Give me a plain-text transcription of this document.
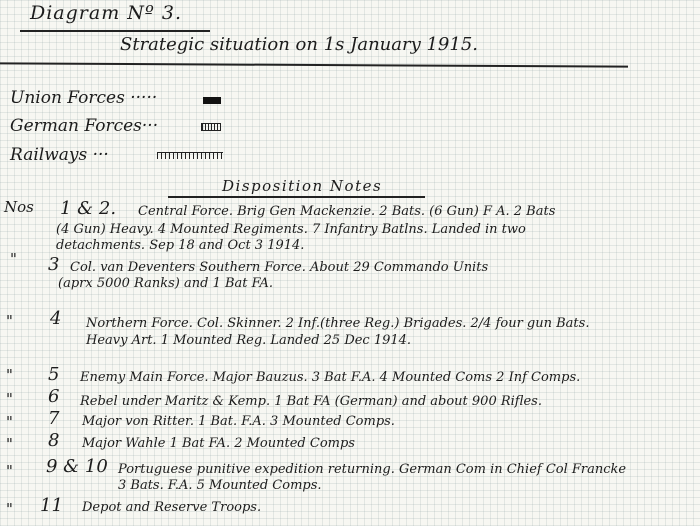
Diagram Nº 3.
Strategic situation on 1s January 1915.
Union Forces ·····
German Forces···
Railways ···
Disposition Notes
Nos 1 & 2. Central Force. Brig Gen Mackenzie. 2 Bats. (6 Gun) F A. 2 Bats
(4 Gun) Heavy. 4 Mounted Regiments. 7 Infantry Batlns. Landed in two
detachments. Sep 18 and Oct 3 1914.
" 3 Col. van Deventers Southern Force. About 29 Commando Units
(aprx 5000 Ranks) and 1 Bat FA.
" 4 Northern Force. Col. Skinner. 2 Inf.(three Reg.) Brigades. 2/4 four gun Bats.
Heavy Art. 1 Mounted Reg. Landed 25 Dec 1914.
" 5 Enemy Main Force. Major Bauzus. 3 Bat F.A. 4 Mounted Coms 2 Inf Comps.
" 6 Rebel under Maritz & Kemp. 1 Bat FA (German) and about 900 Rifles.
" 7 Major von Ritter. 1 Bat. F.A. 3 Mounted Comps.
" 8 Major Wahle 1 Bat FA. 2 Mounted Comps
" 9 & 10 Portuguese punitive expedition returning. German Com in Chief Col Francke
3 Bats. F.A. 5 Mounted Comps.
" 11 Depot and Reserve Troops.
